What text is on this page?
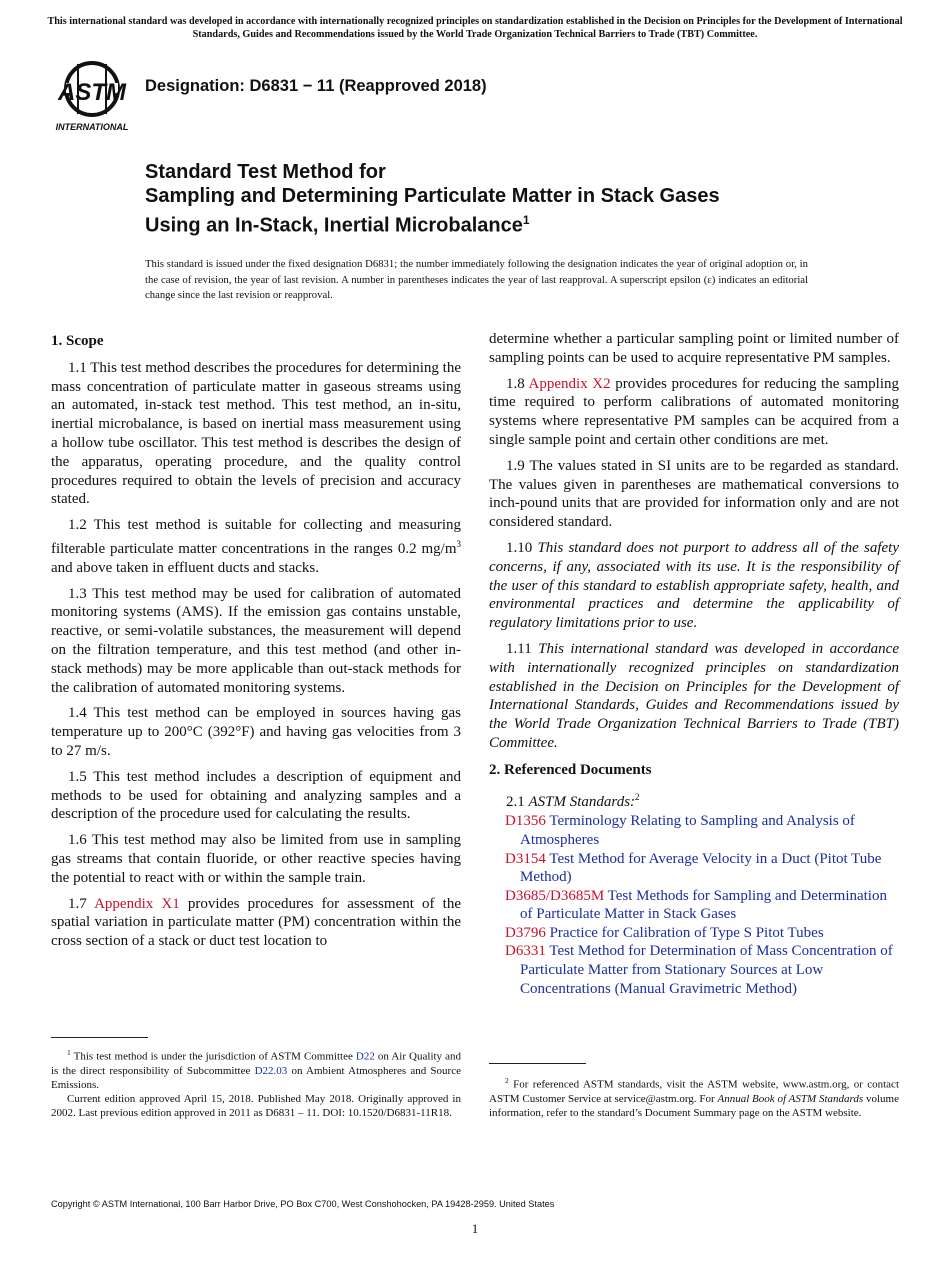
This international standard was developed in accordance with internationally recognized principles on standardization established in the Decision on Principles for the Development of International Standards, Guides and Recommendations issued by the World Trade Organization Technical Barriers to Trade (TBT) Committee.
ASTM
INTERNATIONAL
Designation: D6831 − 11 (Reapproved 2018)
Standard Test Method for
Sampling and Determining Particulate Matter in Stack Gases
Using an In-Stack, Inertial Microbalance$^1$
This standard is issued under the fixed designation D6831; the number immediately following the designation indicates the year of original adoption or, in the case of revision, the year of last revision. A number in parentheses indicates the year of last reapproval. A superscript epsilon (ε) indicates an editorial change since the last revision or reapproval.
1. Scope

1.1 This test method describes the procedures for determining the mass concentration of particulate matter in gaseous streams using an automated, in-stack test method. This test method, an in-situ, inertial microbalance, is based on inertial mass measurement using a hollow tube oscillator. This test method is describes the design of the apparatus, operating procedure, and the quality control procedures required to obtain the levels of precision and accuracy stated.

1.2 This test method is suitable for collecting and measuring filterable particulate matter concentrations in the ranges 0.2 $mg/m^3$ and above taken in effluent ducts and stacks.

1.3 This test method may be used for calibration of automated monitoring systems (AMS). If the emission gas contains unstable, reactive, or semi-volatile substances, the measurement will depend on the filtration temperature, and this test method (and other in-stack methods) may be more applicable than out-stack methods for the calibration of automated monitoring systems.

1.4 This test method can be employed in sources having gas temperature up to 200°C (392°F) and having gas velocities from 3 to 27 m/s.

1.5 This test method includes a description of equipment and methods to be used for obtaining and analyzing samples and a description of the procedure used for calculating the results.

1.6 This test method may also be limited from use in sampling gas streams that contain fluoride, or other reactive species having the potential to react with or within the sample train.

1.7 Appendix X1 provides procedures for assessment of the spatial variation in particulate matter (PM) concentration within the cross section of a stack or duct test location to

determine whether a particular sampling point or limited number of sampling points can be used to acquire representative PM samples.

1.8 Appendix X2 provides procedures for reducing the sampling time required to perform calibrations of automated monitoring systems where representative PM samples can be acquired from a single sample point and certain other conditions are met.

1.9 The values stated in SI units are to be regarded as standard. The values given in parentheses are mathematical conversions to inch-pound units that are provided for information only and are not considered standard.

1.10 This standard does not purport to address all of the safety concerns, if any, associated with its use. It is the responsibility of the user of this standard to establish appropriate safety, health, and environmental practices and determine the applicability of regulatory limitations prior to use.

1.11 This international standard was developed in accordance with internationally recognized principles on standardization established in the Decision on Principles for the Development of International Standards, Guides and Recommendations issued by the World Trade Organization Technical Barriers to Trade (TBT) Committee.

2. Referenced Documents
2.1 ASTM Standards:$^2$
D1356 Terminology Relating to Sampling and Analysis of Atmospheres
D3154 Test Method for Average Velocity in a Duct (Pitot Tube Method)
D3685/D3685M Test Methods for Sampling and Determination of Particulate Matter in Stack Gases
D3796 Practice for Calibration of Type S Pitot Tubes
D6331 Test Method for Determination of Mass Concentration of Particulate Matter from Stationary Sources at Low Concentrations (Manual Gravimetric Method)
$^1$ This test method is under the jurisdiction of ASTM Committee D22 on Air Quality and is the direct responsibility of Subcommittee D22.03 on Ambient Atmospheres and Source Emissions.
Current edition approved April 15, 2018. Published May 2018. Originally approved in 2002. Last previous edition approved in 2011 as D6831 – 11. DOI: 10.1520/D6831-11R18.
$^2$ For referenced ASTM standards, visit the ASTM website, www.astm.org, or contact ASTM Customer Service at service@astm.org. For Annual Book of ASTM Standards volume information, refer to the standard’s Document Summary page on the ASTM website.
Copyright © ASTM International, 100 Barr Harbor Drive, PO Box C700, West Conshohocken, PA 19428-2959. United States
1
